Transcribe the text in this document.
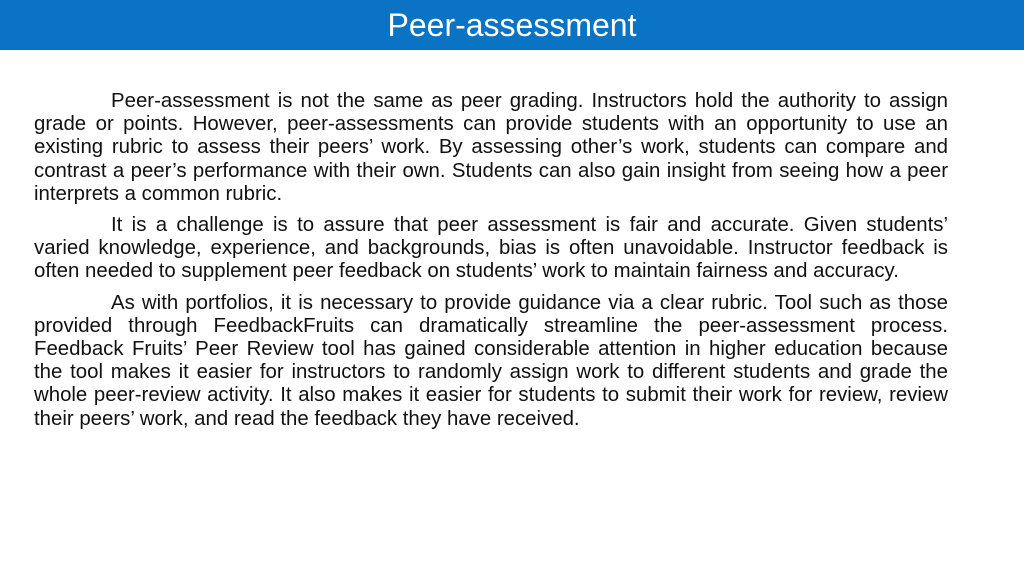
Peer-assessment

Peer-assessment is not the same as peer grading. Instructors hold the authority to assign grade or points. However, peer-assessments can provide students with an opportunity to use an existing rubric to assess their peers’ work. By assessing other’s work, students can compare and contrast a peer’s performance with their own. Students can also gain insight from seeing how a peer interprets a common rubric.

It is a challenge is to assure that peer assessment is fair and accurate. Given students’ varied knowledge, experience, and backgrounds, bias is often unavoidable. Instructor feedback is often needed to supplement peer feedback on students’ work to maintain fairness and accuracy.

As with portfolios, it is necessary to provide guidance via a clear rubric. Tool such as those provided through FeedbackFruits can dramatically streamline the peer-assessment process. Feedback Fruits’ Peer Review tool has gained considerable attention in higher education because the tool makes it easier for instructors to randomly assign work to different students and grade the whole peer-review activity. It also makes it easier for students to submit their work for review, review their peers’ work, and read the feedback they have received.
